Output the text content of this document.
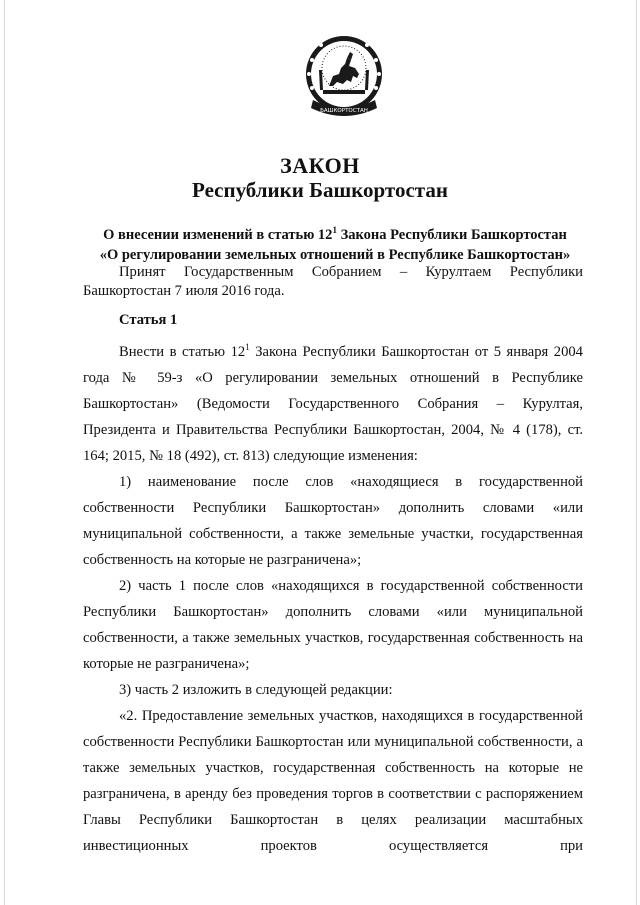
БАШКОРТОСТАН
ЗАКОН
Республики Башкортостан
О внесении изменений в статью $12^1$ Закона Республики Башкортостан
«О регулировании земельных отношений в Республике Башкортостан»

Принят Государственным Собранием – Курултаем Республики Башкортостан 7 июля 2016 года.

Статья 1

Внести в статью $12^1$ Закона Республики Башкортостан от 5 января 2004 года № 59-з «О регулировании земельных отношений в Республике Башкортостан» (Ведомости Государственного Собрания – Курултая, Президента и Правительства Республики Башкортостан, 2004, № 4 (178), ст. 164; 2015, № 18 (492), ст. 813) следующие изменения:

1) наименование после слов «находящиеся в государственной собственности Республики Башкортостан» дополнить словами «или муниципальной собственности, а также земельные участки, государственная собственность на которые не разграничена»;

2) часть 1 после слов «находящихся в государственной собственности Республики Башкортостан» дополнить словами «или муниципальной собственности, а также земельных участков, государственная собственность на которые не разграничена»;

3) часть 2 изложить в следующей редакции:

«2. Предоставление земельных участков, находящихся в государственной собственности Республики Башкортостан или муниципальной собственности, а также земельных участков, государственная собственность на которые не разграничена, в аренду без проведения торгов в соответствии с распоряжением Главы Республики Башкортостан в целях реализации масштабных инвестиционных проектов осуществляется при
